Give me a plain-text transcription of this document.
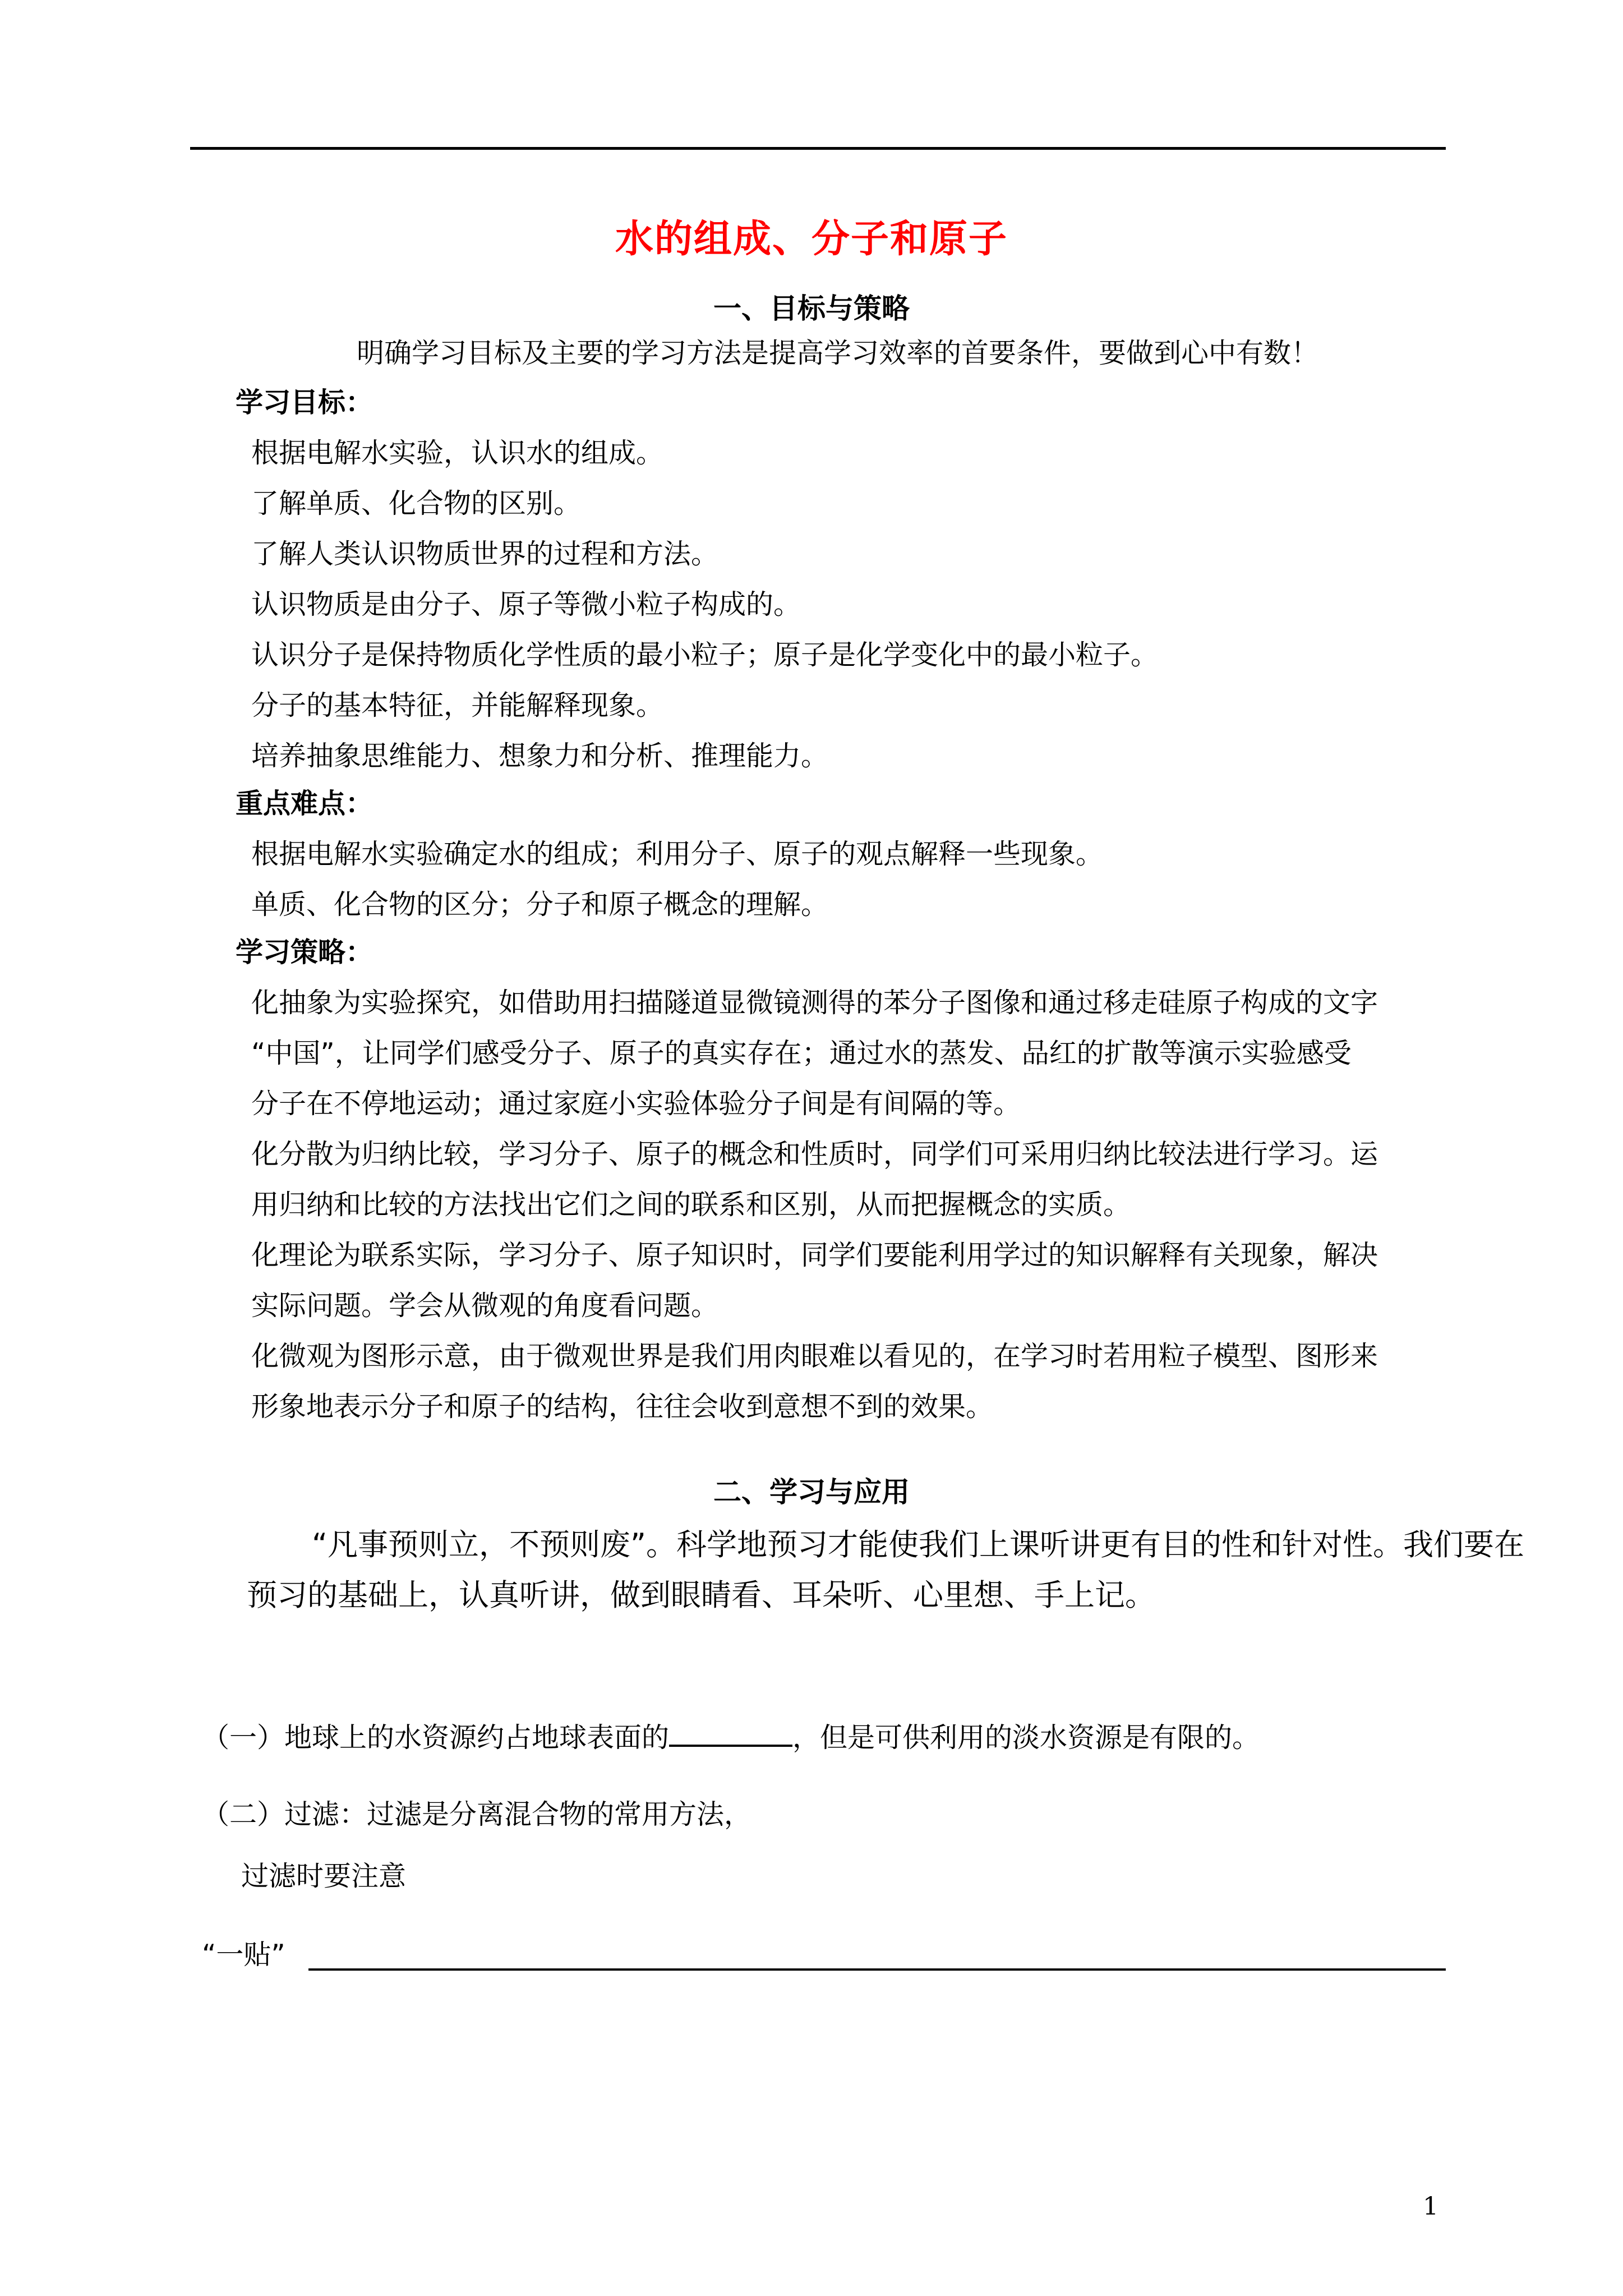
水的组成、分子和原子
一、目标与策略
明确学习目标及主要的学习方法是提高学习效率的首要条件，要做到心中有数！
学习目标：
根据电解水实验，认识水的组成。
了解单质、化合物的区别。
了解人类认识物质世界的过程和方法。
认识物质是由分子、原子等微小粒子构成的。
认识分子是保持物质化学性质的最小粒子；原子是化学变化中的最小粒子。
分子的基本特征，并能解释现象。
培养抽象思维能力、想象力和分析、推理能力。
重点难点：
根据电解水实验确定水的组成；利用分子、原子的观点解释一些现象。
单质、化合物的区分；分子和原子概念的理解。
学习策略：
化抽象为实验探究，如借助用扫描隧道显微镜测得的苯分子图像和通过移走硅原子构成的文字
“中国”，让同学们感受分子、原子的真实存在；通过水的蒸发、品红的扩散等演示实验感受
分子在不停地运动；通过家庭小实验体验分子间是有间隔的等。
化分散为归纳比较，学习分子、原子的概念和性质时，同学们可采用归纳比较法进行学习。运
用归纳和比较的方法找出它们之间的联系和区别，从而把握概念的实质。
化理论为联系实际，学习分子、原子知识时，同学们要能利用学过的知识解释有关现象，解决
实际问题。学会从微观的角度看问题。
化微观为图形示意，由于微观世界是我们用肉眼难以看见的，在学习时若用粒子模型、图形来
形象地表示分子和原子的结构，往往会收到意想不到的效果。
二、学习与应用
“凡事预则立，不预则废”。科学地预习才能使我们上课听讲更有目的性和针对性。我们要在
预习的基础上，认真听讲，做到眼睛看、耳朵听、心里想、手上记。
（一）地球上的水资源约占地球表面的	，但是可供利用的淡水资源是有限的。
（二）过滤：过滤是分离混合物的常用方法，
过滤时要注意
“一贴”
1
